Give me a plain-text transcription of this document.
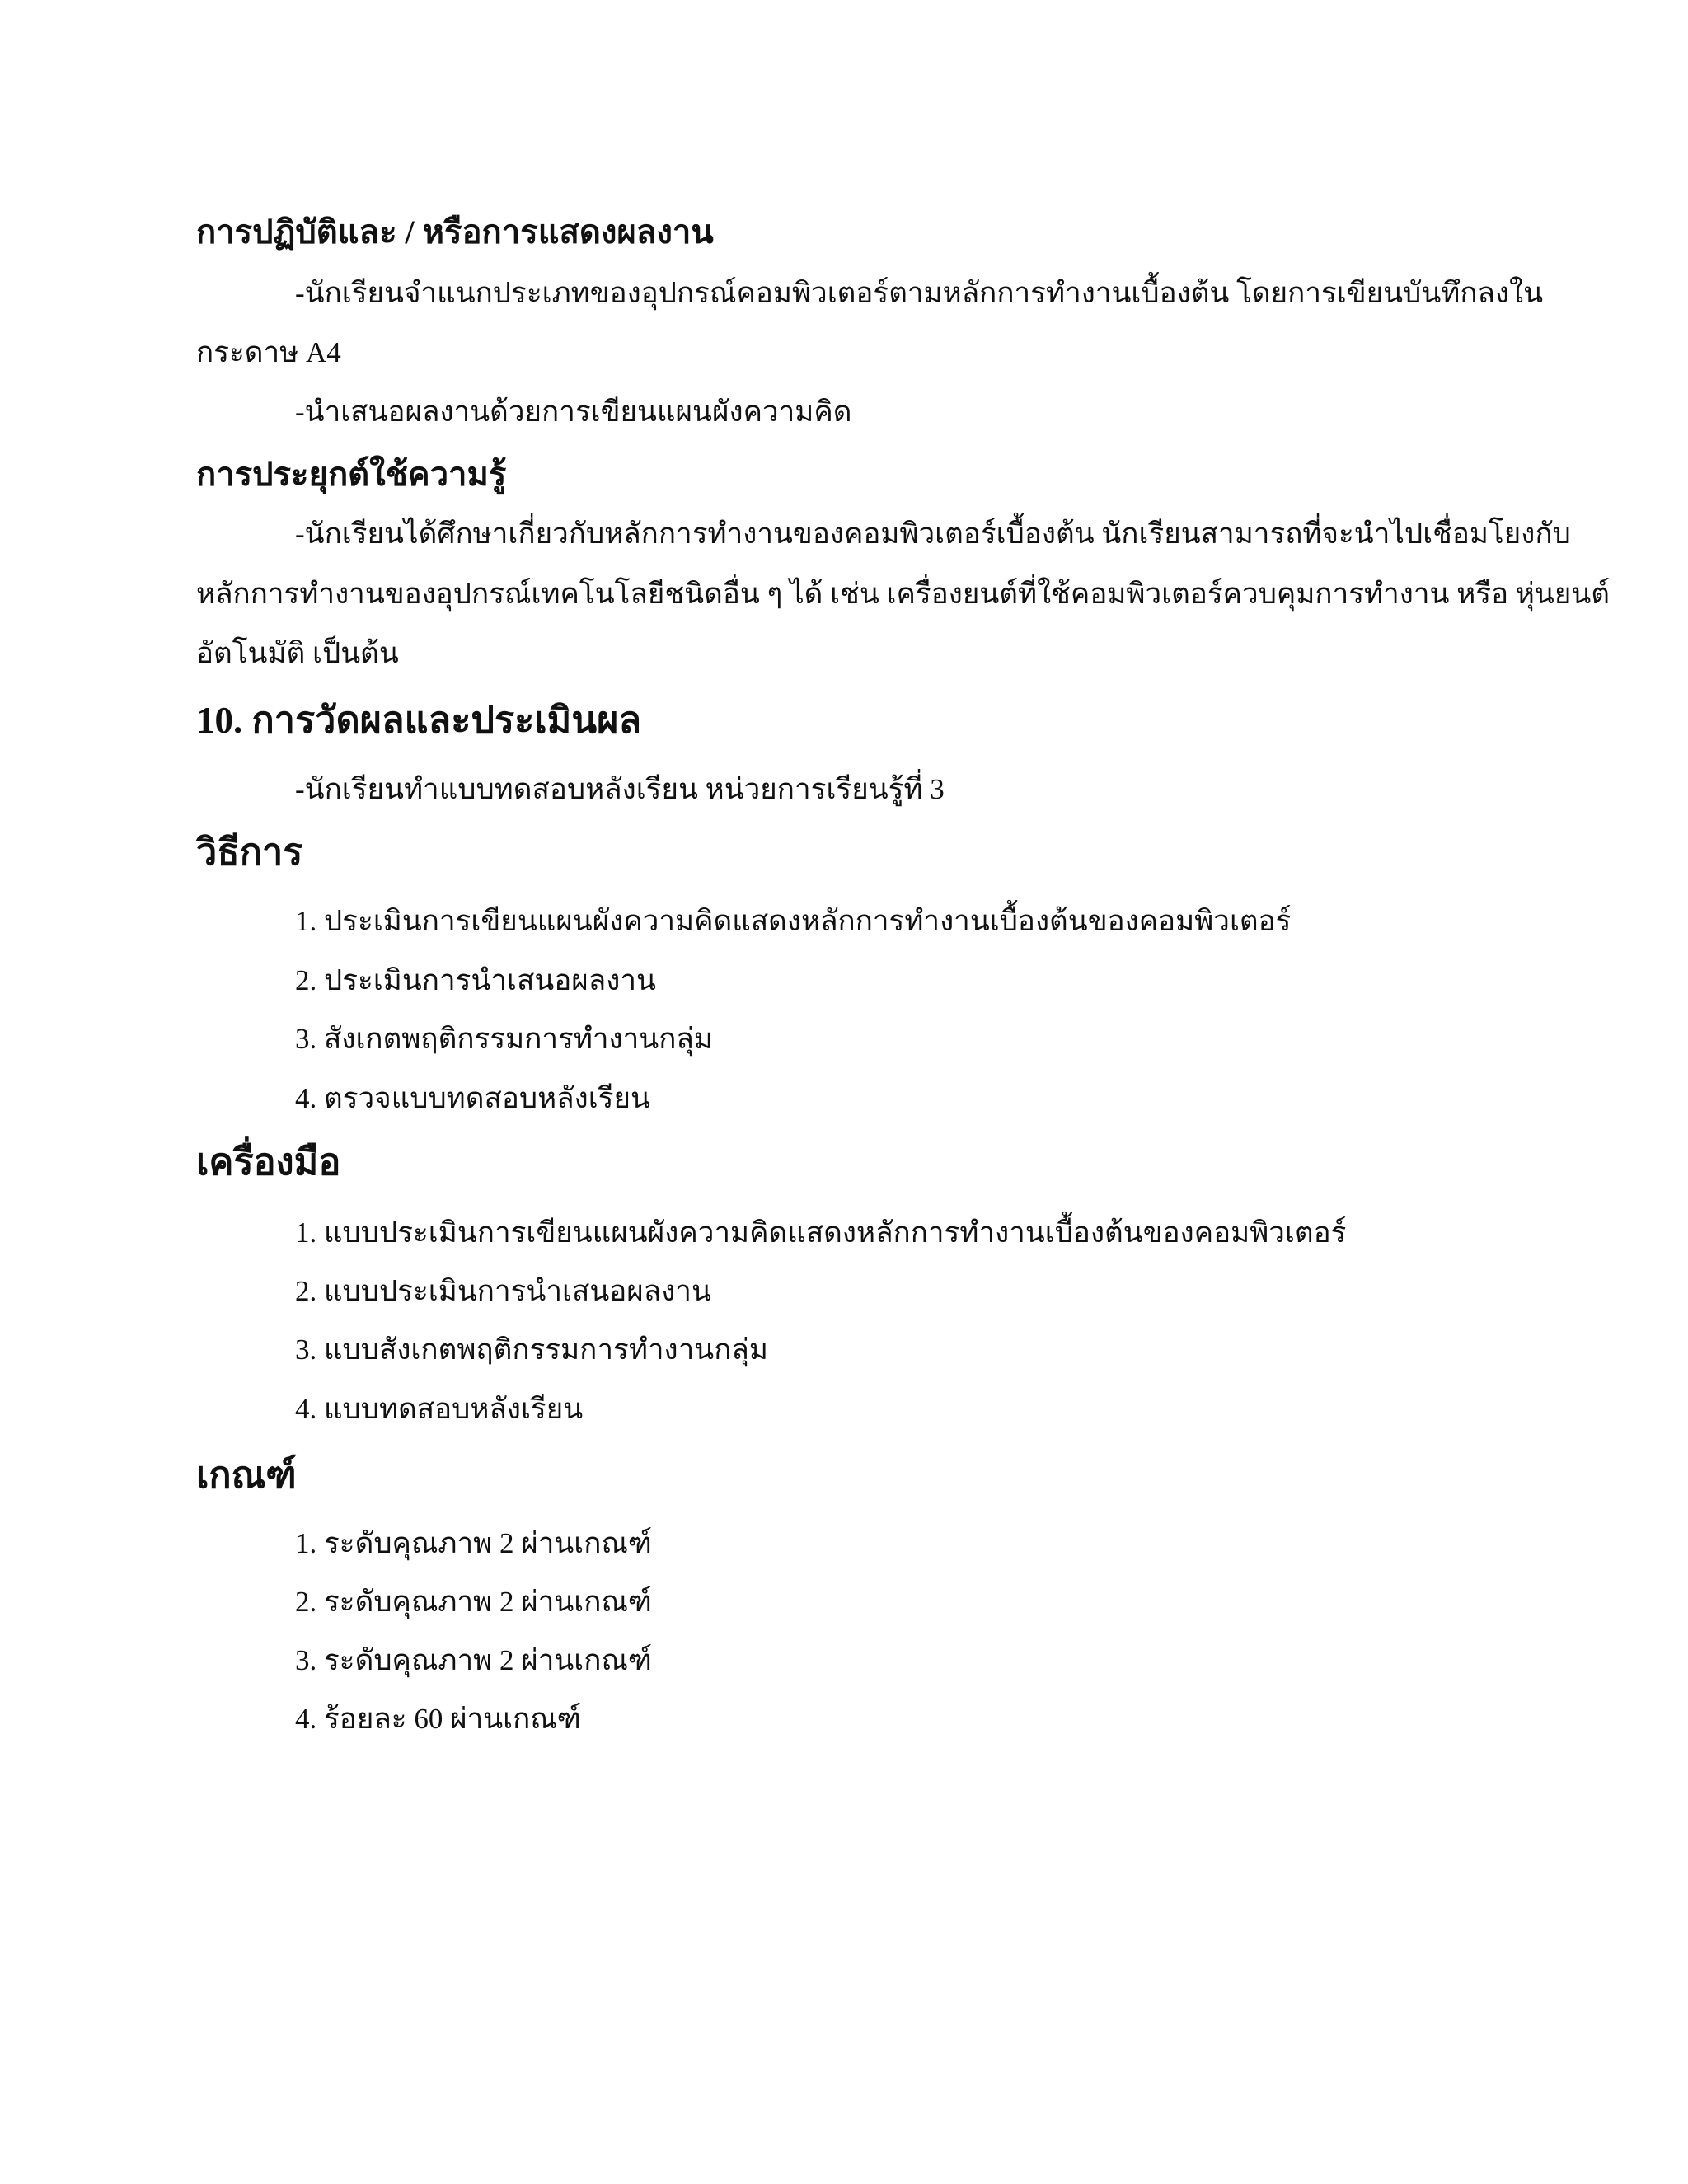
การปฏิบัติและ / หรือการแสดงผลงาน
-นักเรียนจำแนกประเภทของอุปกรณ์คอมพิวเตอร์ตามหลักการทำงานเบื้องต้น โดยการเขียนบันทึกลงใน
กระดาษ A4
-นำเสนอผลงานด้วยการเขียนแผนผังความคิด
การประยุกต์ใช้ความรู้
-นักเรียนได้ศึกษาเกี่ยวกับหลักการทำงานของคอมพิวเตอร์เบื้องต้น นักเรียนสามารถที่จะนำไปเชื่อมโยงกับ
หลักการทำงานของอุปกรณ์เทคโนโลยีชนิดอื่น ๆ ได้ เช่น เครื่องยนต์ที่ใช้คอมพิวเตอร์ควบคุมการทำงาน หรือ หุ่นยนต์
อัตโนมัติ เป็นต้น
10. การวัดผลและประเมินผล
-นักเรียนทำแบบทดสอบหลังเรียน หน่วยการเรียนรู้ที่ 3
วิธีการ
1. ประเมินการเขียนแผนผังความคิดแสดงหลักการทำงานเบื้องต้นของคอมพิวเตอร์
2. ประเมินการนำเสนอผลงาน
3. สังเกตพฤติกรรมการทำงานกลุ่ม
4. ตรวจแบบทดสอบหลังเรียน
เครื่องมือ
1. แบบประเมินการเขียนแผนผังความคิดแสดงหลักการทำงานเบื้องต้นของคอมพิวเตอร์
2. แบบประเมินการนำเสนอผลงาน
3. แบบสังเกตพฤติกรรมการทำงานกลุ่ม
4. แบบทดสอบหลังเรียน
เกณฑ์
1. ระดับคุณภาพ 2 ผ่านเกณฑ์
2. ระดับคุณภาพ 2 ผ่านเกณฑ์
3. ระดับคุณภาพ 2 ผ่านเกณฑ์
4. ร้อยละ 60 ผ่านเกณฑ์
